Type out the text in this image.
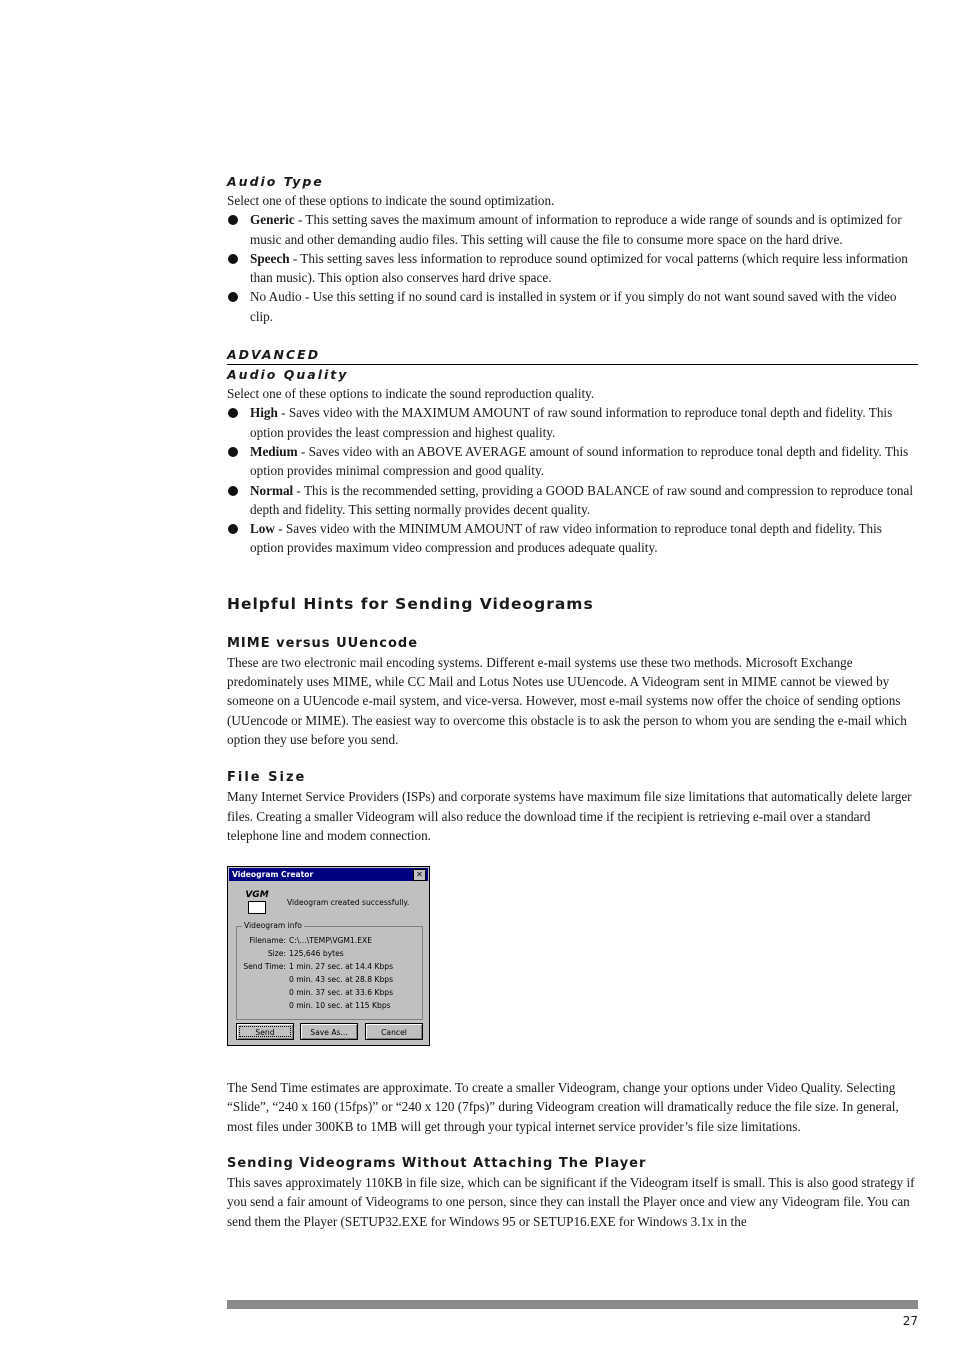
Audio Type

Select one of these options to indicate the sound optimization.

Generic - This setting saves the maximum amount of information to reproduce a wide range of sounds and is optimized for music and other demanding audio files. This setting will cause the file to consume more space on the hard drive.
Speech - This setting saves less information to reproduce sound optimized for vocal patterns (which require less information than music). This option also conserves hard drive space.
No Audio - Use this setting if no sound card is installed in system or if you simply do not want sound saved with the video clip.
ADVANCED
Audio Quality

Select one of these options to indicate the sound reproduction quality.

High - Saves video with the MAXIMUM AMOUNT of raw sound information to reproduce tonal depth and fidelity. This option provides the least compression and highest quality.
Medium - Saves video with an ABOVE AVERAGE amount of sound information to reproduce tonal depth and fidelity. This option provides minimal compression and good quality.
Normal - This is the recommended setting, providing a GOOD BALANCE of raw sound and compression to reproduce tonal depth and fidelity. This setting normally provides decent quality.
Low - Saves video with the MINIMUM AMOUNT of raw video information to reproduce tonal depth and fidelity. This option provides maximum video compression and produces adequate quality.
Helpful Hints for Sending Videograms
MIME versus UUencode

These are two electronic mail encoding systems. Different e-mail systems use these two methods. Microsoft Exchange predominately uses MIME, while CC Mail and Lotus Notes use UUencode. A Videogram sent in MIME cannot be viewed by someone on a UUencode e-mail system, and vice-versa. However, most e-mail systems now offer the choice of sending options (UUencode or MIME). The easiest way to overcome this obstacle is to ask the person to whom you are sending the e-mail which option they use before you send.

File Size

Many Internet Service Providers (ISPs) and corporate systems have maximum file size limitations that automatically delete larger files. Creating a smaller Videogram will also reduce the download time if the recipient is retrieving e-mail over a standard telephone line and modem connection.

Videogram Creator	✕
VGM
Videogram created successfully.
Videogram info
Filename: C:\...\TEMP\VGM1.EXE
Size: 125,646 bytes
Send Time: 1 min. 27 sec. at 14.4 Kbps
0 min. 43 sec. at 28.8 Kbps
0 min. 37 sec. at 33.6 Kbps
0 min. 10 sec. at 115 Kbps
Send	Save As...	Cancel

The Send Time estimates are approximate. To create a smaller Videogram, change your options under Video Quality. Selecting “Slide”, “240 x 160 (15fps)” or “240 x 120 (7fps)” during Videogram creation will dramatically reduce the file size. In general, most files under 300KB to 1MB will get through your typical internet service provider’s file size limitations.

Sending Videograms Without Attaching The Player

This saves approximately 110KB in file size, which can be significant if the Videogram itself is small. This is also good strategy if you send a fair amount of Videograms to one person, since they can install the Player once and view any Videogram file. You can send them the Player (SETUP32.EXE for Windows 95 or SETUP16.EXE for Windows 3.1x in the

27
